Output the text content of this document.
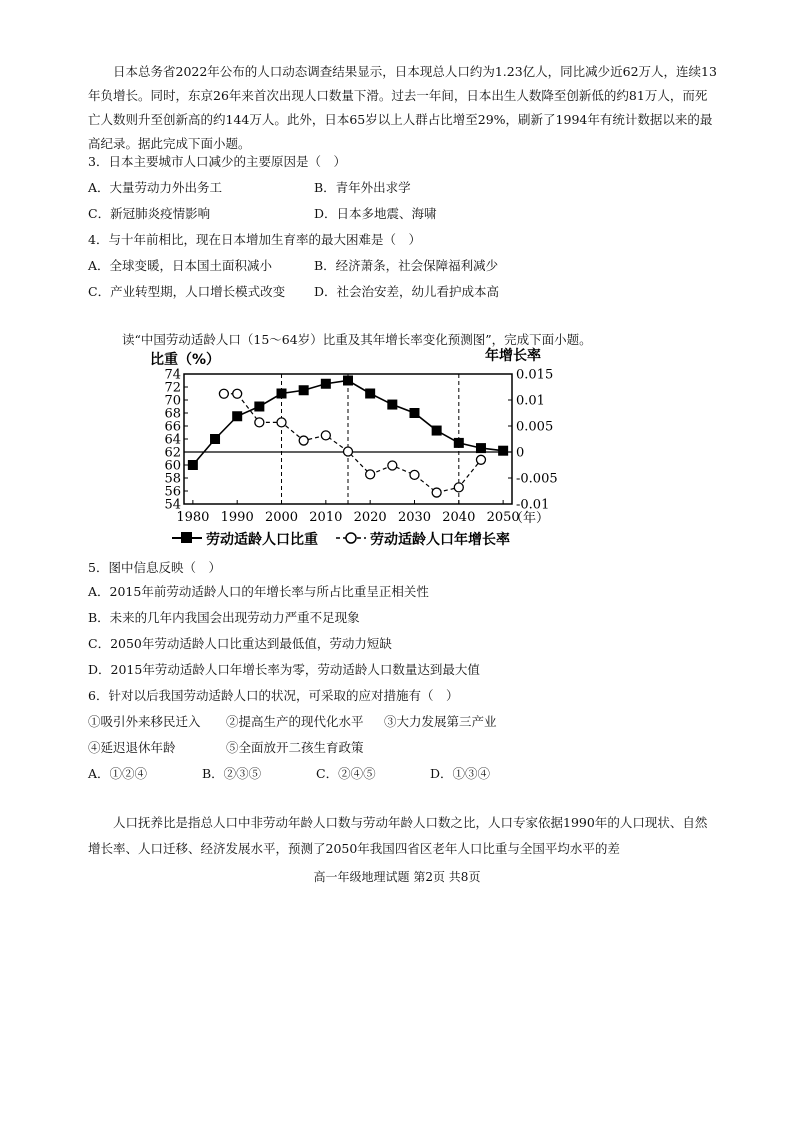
日本总务省2022年公布的人口动态调查结果显示，日本现总人口约为1.23亿人，同比减少近62万人，连续13年负增长。同时，东京26年来首次出现人口数量下滑。过去一年间，日本出生人数降至创新低的约81万人，而死亡人数则升至创新高的约144万人。此外，日本65岁以上人群占比增至29%，刷新了1994年有统计数据以来的最高纪录。据此完成下面小题。

3．日本主要城市人口减少的主要原因是（　）
A．大量劳动力外出务工	B．青年外出求学
C．新冠肺炎疫情影响	D．日本多地震、海啸
4．与十年前相比，现在日本增加生育率的最大困难是（　）
A．全球变暖，日本国土面积减小	B．经济萧条，社会保障福利减少
C．产业转型期，人口增长模式改变 D．社会治安差，幼儿看护成本高
读“中国劳动适龄人口（15～64岁）比重及其年增长率变化预测图”，完成下面小题。
比重（%）	年增长率
74
72
70
68
66
64
62
60
58
56
54
0.015
0.01
0.005
0
-0.005
-0.01
1980 1990 2000 2010 2020 2030 2040 2050
（年）
劳动适龄人口比重	劳动适龄人口年增长率
5．图中信息反映（　）
A．2015年前劳动适龄人口的年增长率与所占比重呈正相关性
B．未来的几年内我国会出现劳动力严重不足现象
C．2050年劳动适龄人口比重达到最低值，劳动力短缺
D．2015年劳动适龄人口年增长率为零，劳动适龄人口数量达到最大值
6．针对以后我国劳动适龄人口的状况，可采取的应对措施有（　）
①吸引外来移民迁入 ②提高生产的现代化水平 ③大力发展第三产业
④延迟退休年龄	⑤全面放开二孩生育政策
A．①②④	B．②③⑤	C．②④⑤	D．①③④

人口抚养比是指总人口中非劳动年龄人口数与劳动年龄人口数之比，人口专家依据1990年的人口现状、自然增长率、人口迁移、经济发展水平，预测了2050年我国四省区老年人口比重与全国平均水平的差

高一年级地理试题 第2页 共8页
